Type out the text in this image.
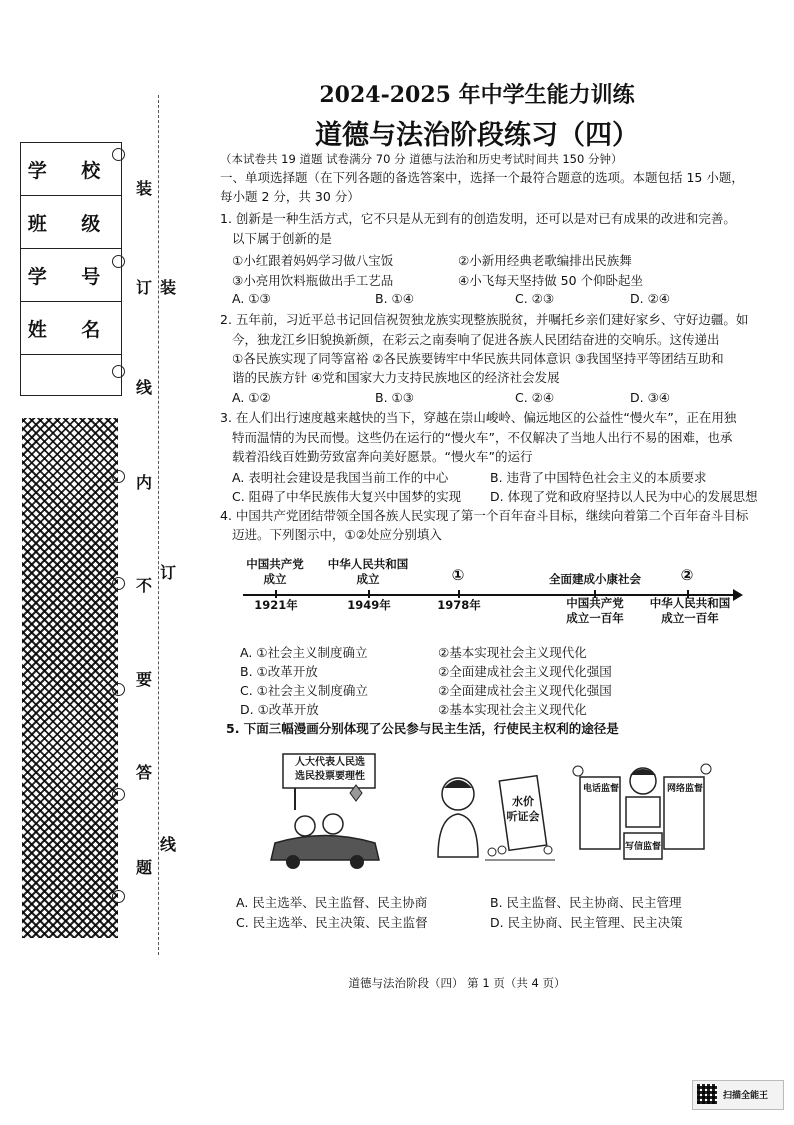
学 校
班 级
学 号
姓 名
装
订
线
内
不
要
答
题
装
订
线
2024-2025 年中学生能力训练
道德与法治阶段练习（四）
（本试卷共 19 道题 试卷满分 70 分 道德与法治和历史考试时间共 150 分钟）
一、单项选择题（在下列各题的备选答案中，选择一个最符合题意的选项。本题包括 15 小题，
每小题 2 分，共 30 分）
1. 创新是一种生活方式，它不只是从无到有的创造发明，还可以是对已有成果的改进和完善。
以下属于创新的是
①小红跟着妈妈学习做八宝饭	②小新用经典老歌编排出民族舞
③小亮用饮料瓶做出手工艺品	④小飞每天坚持做 50 个仰卧起坐
A. ①③	B. ①④	C. ②③	D. ②④
2. 五年前，习近平总书记回信祝贺独龙族实现整族脱贫，并嘱托乡亲们建好家乡、守好边疆。如
今，独龙江乡旧貌换新颜，在彩云之南奏响了促进各族人民团结奋进的交响乐。这传递出
①各民族实现了同等富裕 ②各民族要铸牢中华民族共同体意识 ③我国坚持平等团结互助和
谐的民族方针 ④党和国家大力支持民族地区的经济社会发展
A. ①②	B. ①③	C. ②④	D. ③④
3. 在人们出行速度越来越快的当下，穿越在崇山峻岭、偏远地区的公益性“慢火车”，正在用独
特而温情的为民而慢。这些仍在运行的“慢火车”，不仅解决了当地人出行不易的困难，也承
载着沿线百姓勤劳致富奔向美好愿景。“慢火车”的运行
A. 表明社会建设是我国当前工作的中心	B. 违背了中国特色社会主义的本质要求
C. 阻碍了中华民族伟大复兴中国梦的实现 D. 体现了党和政府坚持以人民为中心的发展思想
4. 中国共产党团结带领全国各族人民实现了第一个百年奋斗目标，继续向着第二个百年奋斗目标
迈进。下列图示中，①②处应分别填入
中国共产党
成立
中华人民共和国
成立	①	全面建成小康社会	②
1921年	1949年	1978年	中国共产党
成立一百年
中华人民共和国
成立一百年
A. ①社会主义制度确立	②基本实现社会主义现代化
B. ①改革开放	②全面建成社会主义现代化强国
C. ①社会主义制度确立	②全面建成社会主义现代化强国
D. ①改革开放	②基本实现社会主义现代化
5. 下面三幅漫画分别体现了公民参与民主生活，行使民主权利的途径是
人大代表人民选
选民投票要理性
水价
听证会
电话监督	网络监督
写信监督
A. 民主选举、民主监督、民主协商	B. 民主监督、民主协商、民主管理
C. 民主选举、民主决策、民主监督	D. 民主协商、民主管理、民主决策
道德与法治阶段（四） 第 1 页（共 4 页）
扫描全能王
